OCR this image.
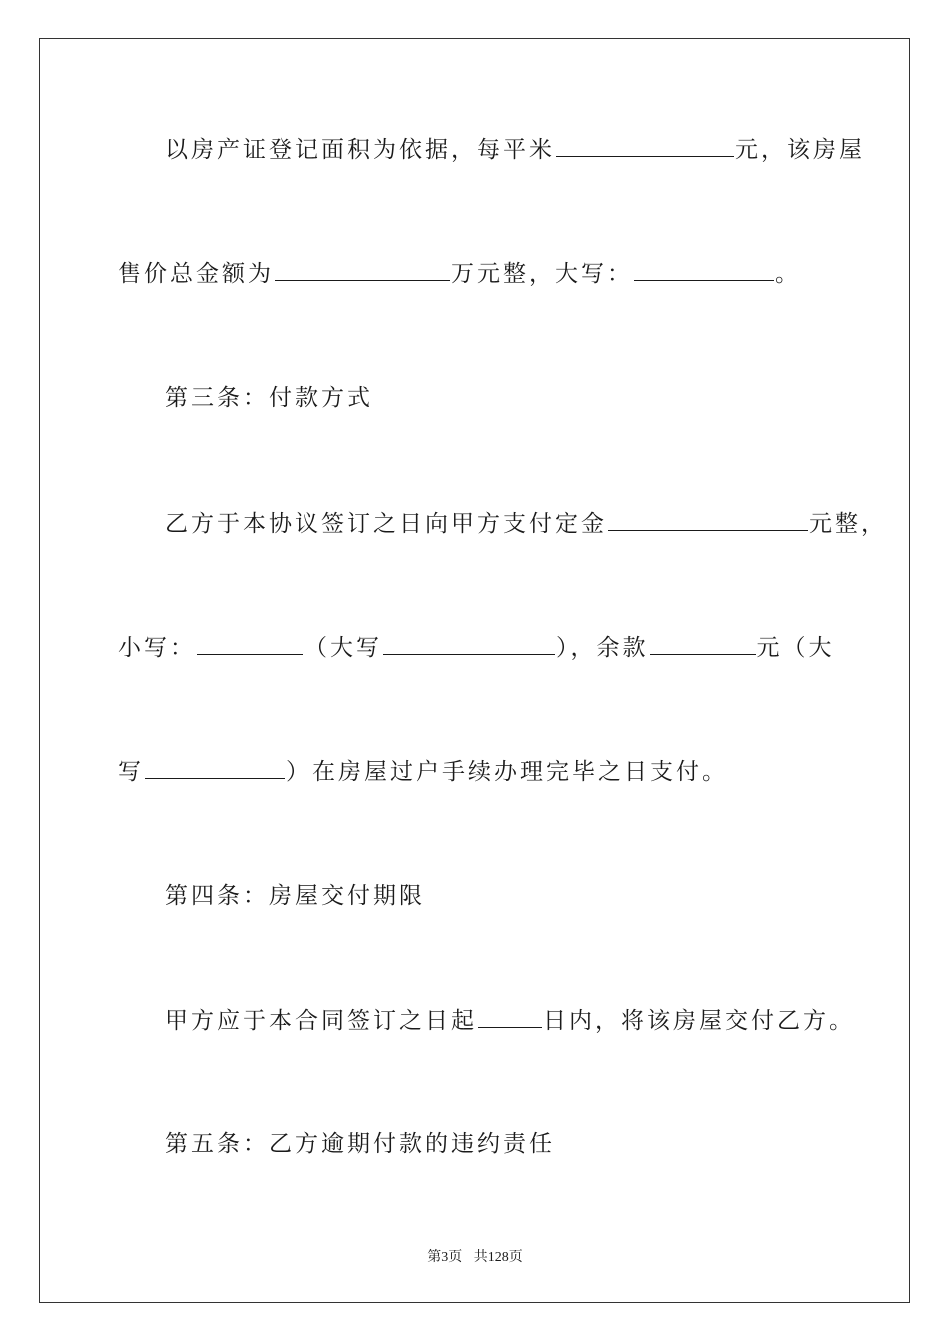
以房产证登记面积为依据，每平米	元，该房屋
售价总金额为	万元整，大写：	。
第三条：付款方式
乙方于本协议签订之日向甲方支付定金	元整，
小写：	（大写	），余款	元（大
写	）在房屋过户手续办理完毕之日支付。
第四条：房屋交付期限
甲方应于本合同签订之日起	日内，将该房屋交付乙方。
第五条：乙方逾期付款的违约责任
第3页 共128页
